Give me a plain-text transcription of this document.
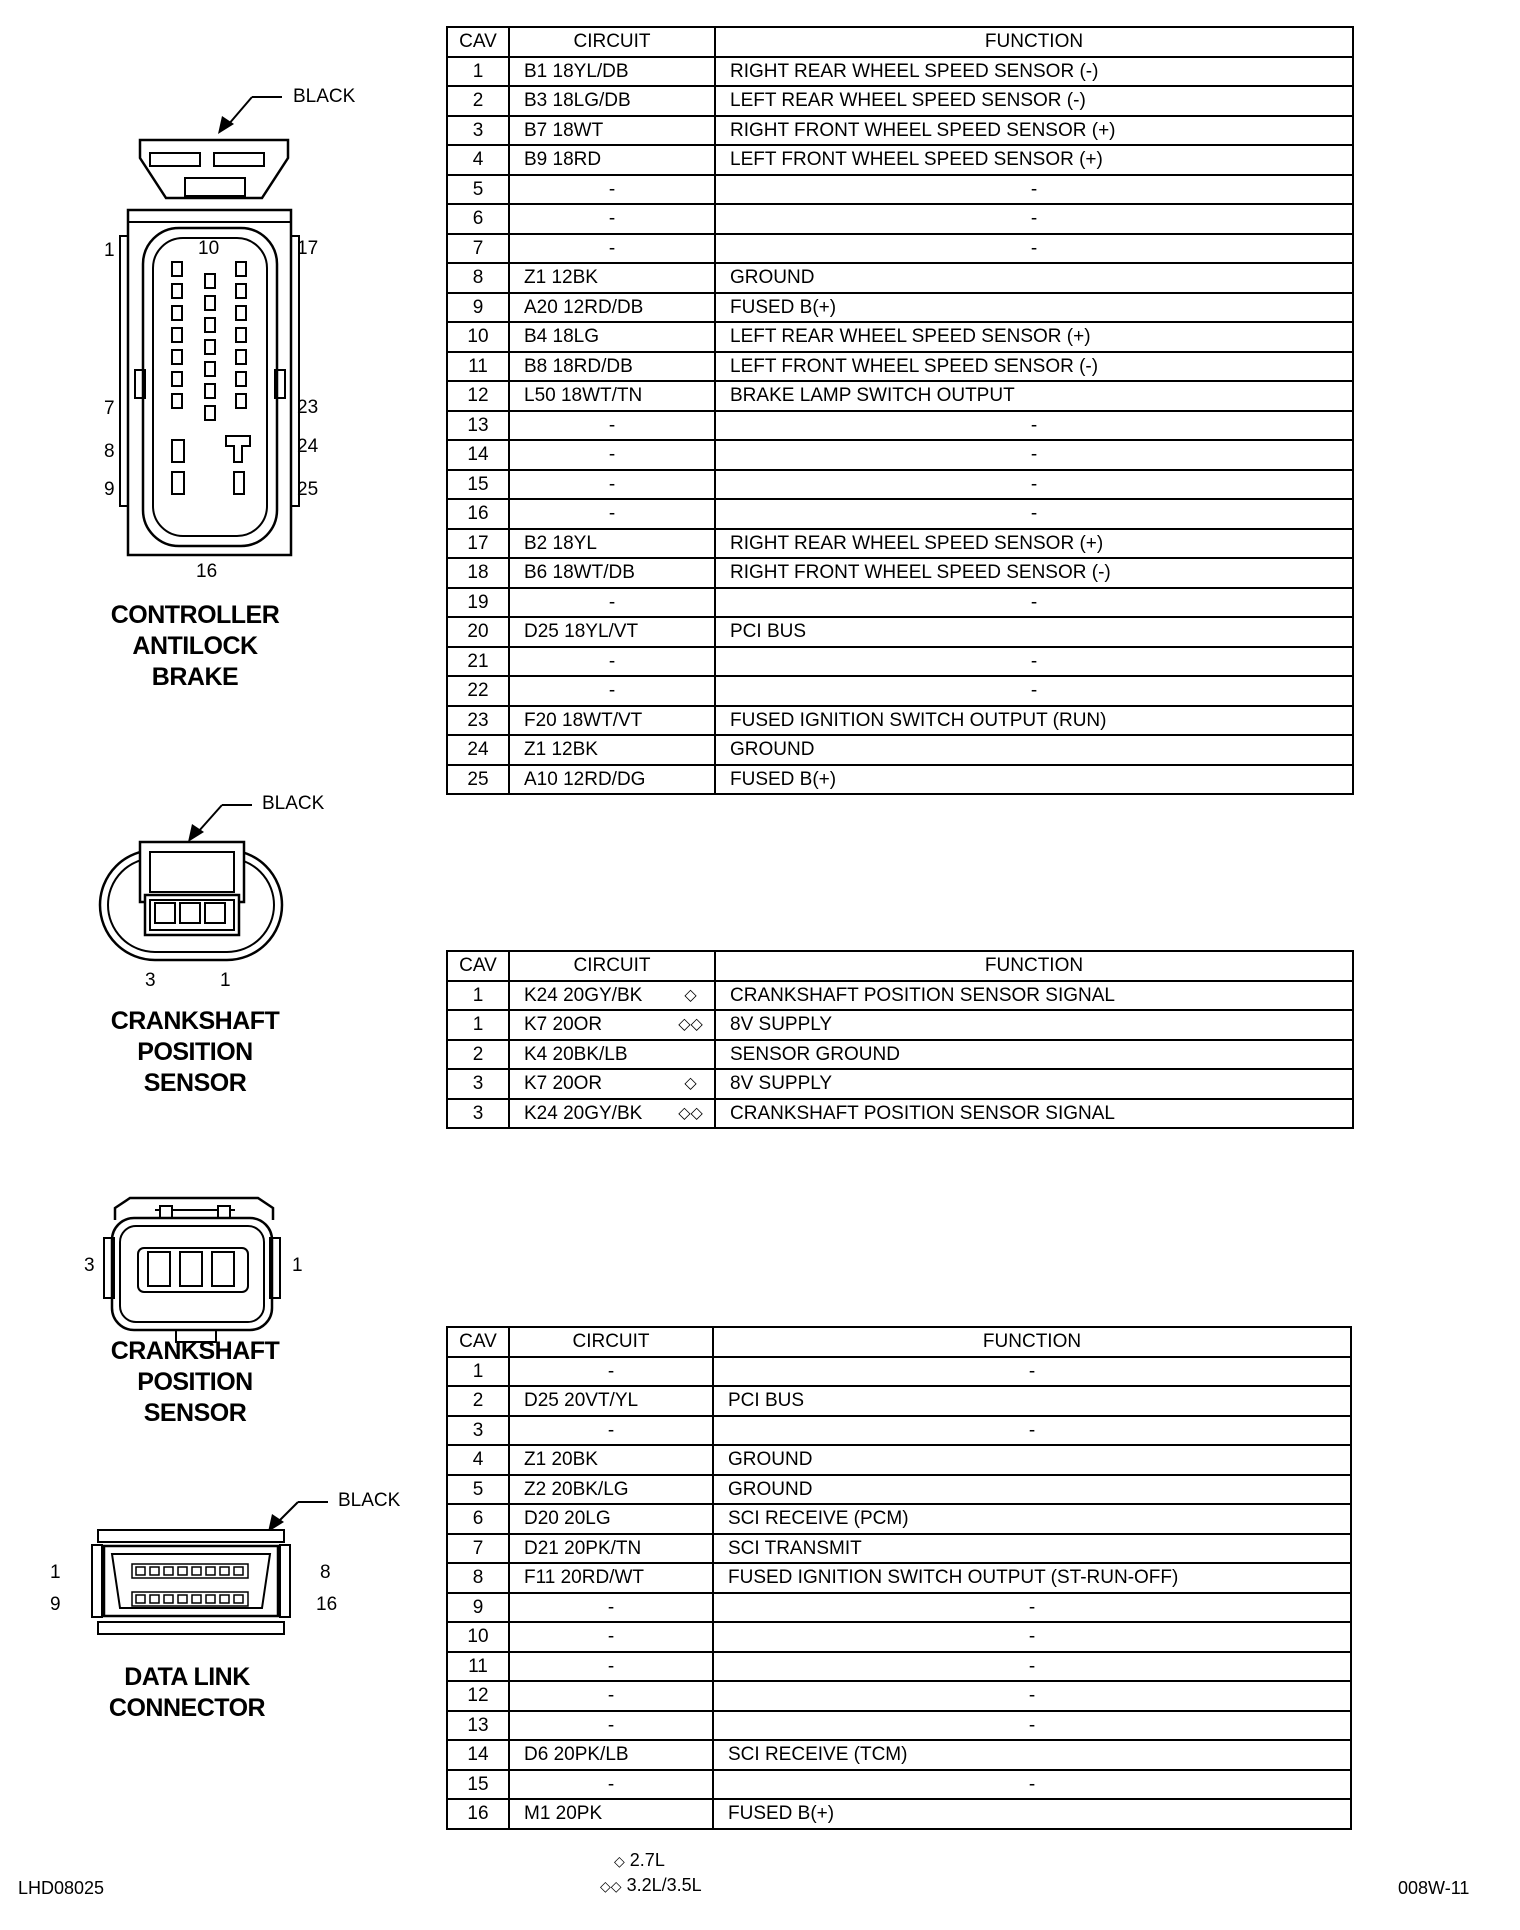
BLACK
1	10	17
7	23
8	24
9	25
16
CONTROLLER
ANTILOCK
BRAKE
CAV	CIRCUIT	FUNCTION
1	B1 18YL/DB	RIGHT REAR WHEEL SPEED SENSOR (-)
2	B3 18LG/DB	LEFT REAR WHEEL SPEED SENSOR (-)
3	B7 18WT	RIGHT FRONT WHEEL SPEED SENSOR (+)
4	B9 18RD	LEFT FRONT WHEEL SPEED SENSOR (+)
5	-	-
6	-	-
7	-	-
8	Z1 12BK	GROUND
9	A20 12RD/DB	FUSED B(+)
10	B4 18LG	LEFT REAR WHEEL SPEED SENSOR (+)
11	B8 18RD/DB	LEFT FRONT WHEEL SPEED SENSOR (-)
12	L50 18WT/TN	BRAKE LAMP SWITCH OUTPUT
13	-	-
14	-	-
15	-	-
16	-	-
17	B2 18YL	RIGHT REAR WHEEL SPEED SENSOR (+)
18	B6 18WT/DB	RIGHT FRONT WHEEL SPEED SENSOR (-)
19	-	-
20	D25 18YL/VT	PCI BUS
21	-	-
22	-	-
23	F20 18WT/VT	FUSED IGNITION SWITCH OUTPUT (RUN)
24	Z1 12BK	GROUND
25	A10 12RD/DG	FUSED B(+)
BLACK
3	1
CRANKSHAFT
POSITION
SENSOR
CAV	CIRCUIT		FUNCTION
1	K24 20GY/BK	◇	CRANKSHAFT POSITION SENSOR SIGNAL
1	K7 20OR	◇◇	8V SUPPLY
2	K4 20BK/LB		SENSOR GROUND
3	K7 20OR	◇	8V SUPPLY
3	K24 20GY/BK	◇◇	CRANKSHAFT POSITION SENSOR SIGNAL
3	1
CRANKSHAFT
POSITION
SENSOR
BLACK
1	8
9	16
DATA LINK
CONNECTOR
CAV	CIRCUIT	FUNCTION
1	-	-
2	D25 20VT/YL	PCI BUS
3	-	-
4	Z1 20BK	GROUND
5	Z2 20BK/LG	GROUND
6	D20 20LG	SCI RECEIVE (PCM)
7	D21 20PK/TN	SCI TRANSMIT
8	F11 20RD/WT	FUSED IGNITION SWITCH OUTPUT (ST-RUN-OFF)
9	-	-
10	-	-
11	-	-
12	-	-
13	-	-
14	D6 20PK/LB	SCI RECEIVE (TCM)
15	-	-
16	M1 20PK	FUSED B(+)
◇ 2.7L
◇◇ 3.2L/3.5L
LHD08025	008W-11
